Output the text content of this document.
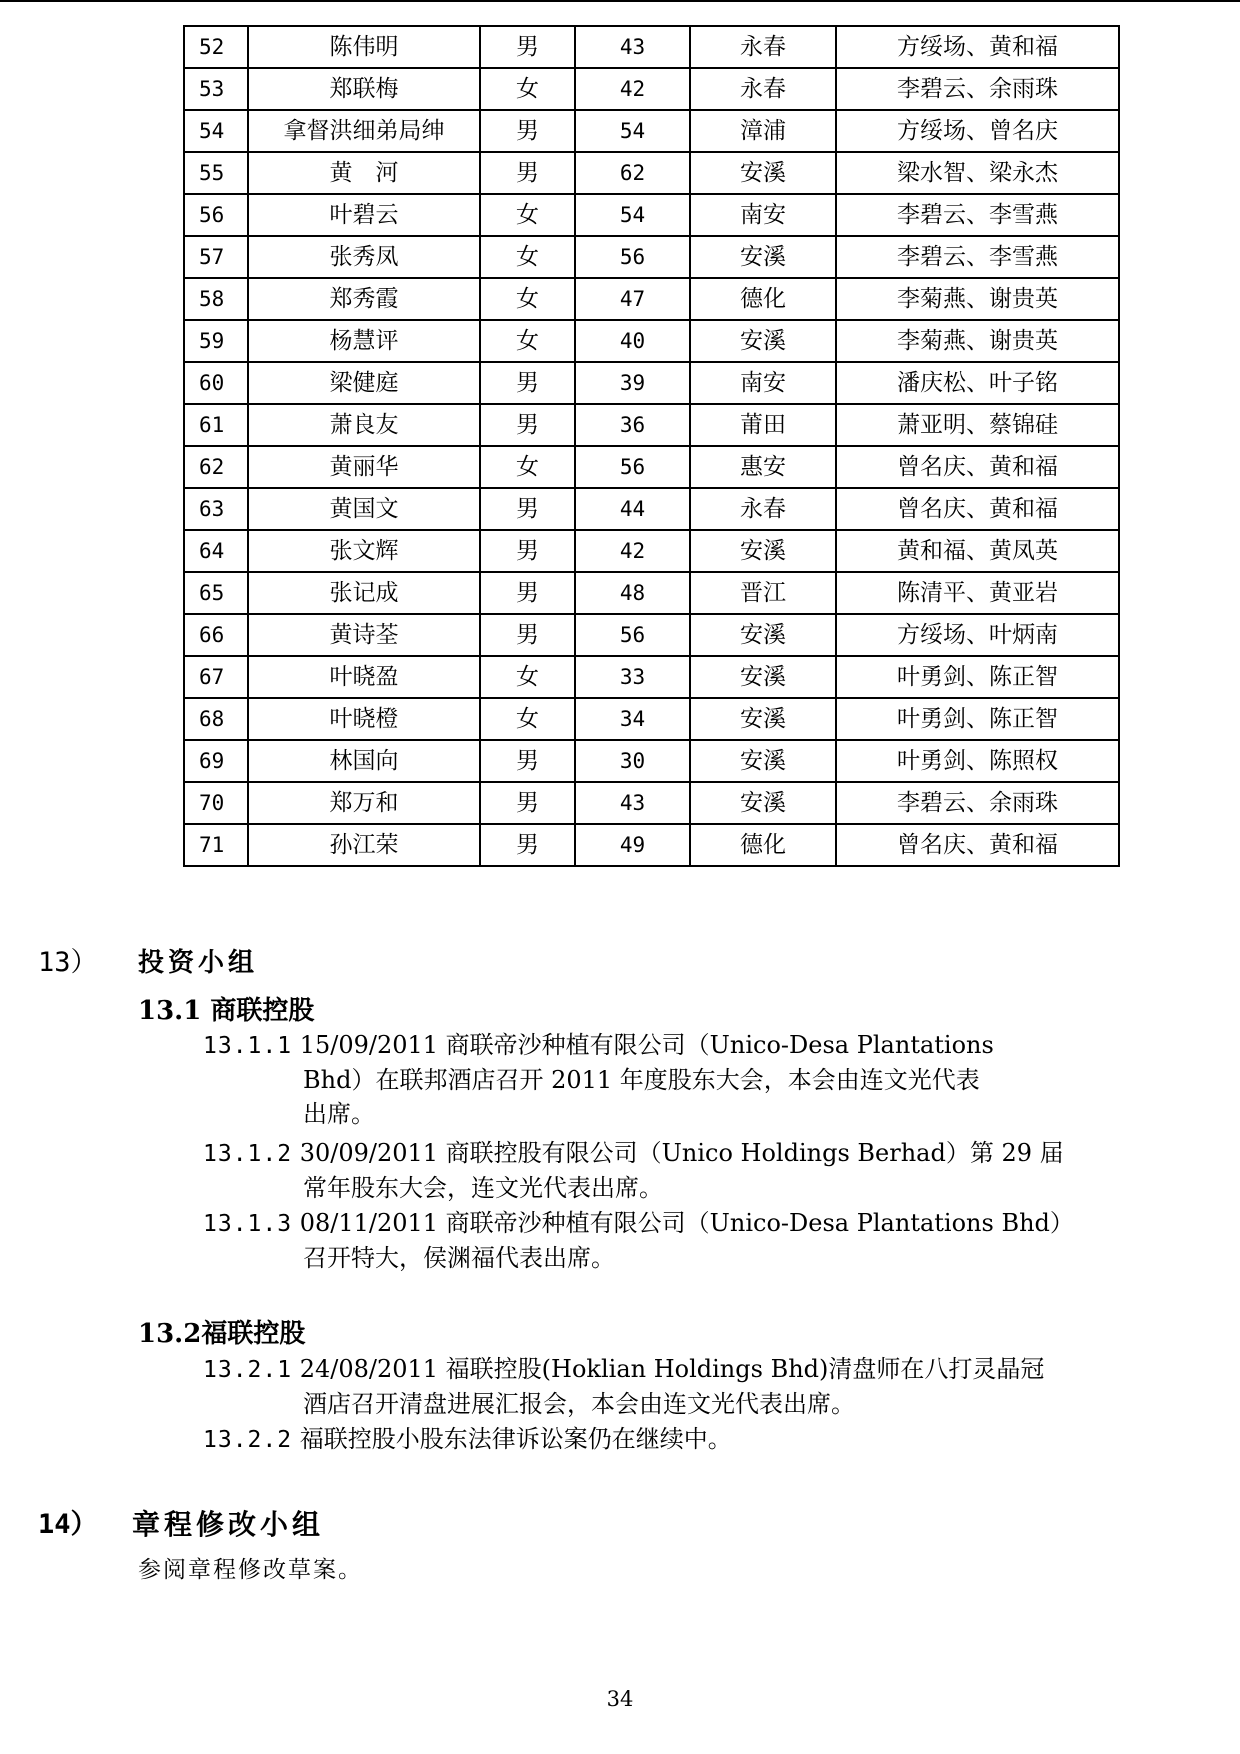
52	陈伟明	男	43	永春	方绥场、黄和福
53	郑联梅	女	42	永春	李碧云、余雨珠
54	拿督洪细弟局绅	男	54	漳浦	方绥场、曾名庆
55	黄　河	男	62	安溪	梁水智、梁永杰
56	叶碧云	女	54	南安	李碧云、李雪燕
57	张秀凤	女	56	安溪	李碧云、李雪燕
58	郑秀霞	女	47	德化	李菊燕、谢贵英
59	杨慧评	女	40	安溪	李菊燕、谢贵英
60	梁健庭	男	39	南安	潘庆松、叶子铭
61	萧良友	男	36	莆田	萧亚明、蔡锦硅
62	黄丽华	女	56	惠安	曾名庆、黄和福
63	黄国文	男	44	永春	曾名庆、黄和福
64	张文辉	男	42	安溪	黄和福、黄凤英
65	张记成	男	48	晋江	陈清平、黄亚岩
66	黄诗荃	男	56	安溪	方绥场、叶炳南
67	叶晓盈	女	33	安溪	叶勇剑、陈正智
68	叶晓橙	女	34	安溪	叶勇剑、陈正智
69	林国向	男	30	安溪	叶勇剑、陈照权
70	郑万和	男	43	安溪	李碧云、余雨珠
71	孙江荣	男	49	德化	曾名庆、黄和福
13） 投资小组
13.1 商联控股
13.1.1 15/09/2011 商联帝沙种植有限公司（Unico-Desa Plantations
Bhd）在联邦酒店召开 2011 年度股东大会，本会由连文光代表
出席。
13.1.2 30/09/2011 商联控股有限公司（Unico Holdings Berhad）第 29 届
常年股东大会，连文光代表出席。
13.1.3 08/11/2011 商联帝沙种植有限公司（Unico-Desa Plantations Bhd）
召开特大，侯渊福代表出席。
13.2福联控股
13.2.1 24/08/2011 福联控股(Hoklian Holdings Bhd)清盘师在八打灵晶冠
酒店召开清盘进展汇报会，本会由连文光代表出席。
13.2.2 福联控股小股东法律诉讼案仍在继续中。
14） 章程修改小组
参阅章程修改草案。
34
